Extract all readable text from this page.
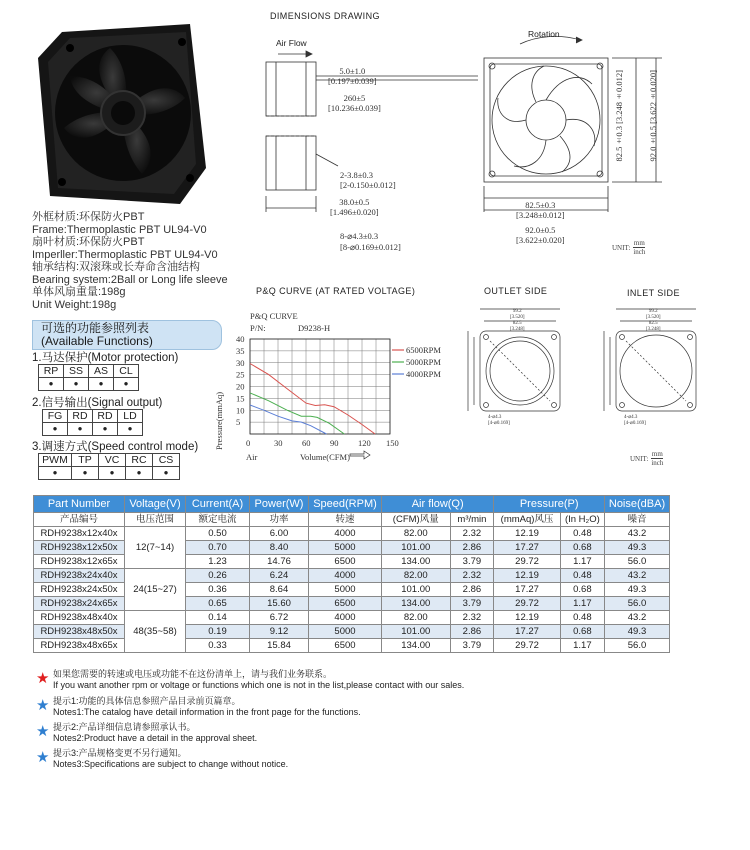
DIMENSIONS DRAWING
Air Flow
5.0±1.0
[0.197±0.039]
260±5
[10.236±0.039]
2-3.8±0.3
[2-0.150±0.012]
38.0±0.5
[1.496±0.020]
8-⌀4.3±0.3
[8-⌀0.169±0.012]
Rotation
82.5±0.3
[3.248±0.012]
92.0±0.5
[3.622±0.020]
82.5±0.3 [3.248±0.012]
92.0±0.5 [3.622±0.020]
UNIT:
mm
inch
外框材质:环保防火PBT
Frame:Thermoplastic PBT UL94-V0
扇叶材质:环保防火PBT
Imperller:Thermoplastic PBT UL94-V0
轴承结构:双滚珠或长寿命含油结构
Bearing system:2Ball or Long life sleeve
单体风扇重量:198g
Unit Weight:198g
可选的功能参照列表
(Available Functions)
1.马达保护(Motor protection)
RP	SS	AS	CL
●	●	●	●
2.信号输出(Signal output)
FG	RD	RD	LD
●	●	●	●
3.调速方式(Speed control mode)
PWM	TP	VC	RC	CS
●	●	●	●	●
P&Q CURVE (AT RATED VOLTAGE)
P&Q CURVE
P/N:	D9238-H
5
10
15
20
25
30
35
40
0	30 60 90 120 150
Pressure(mmAq)
Air	Volume(CFM)
6500RPM
5000RPM
4000RPM
OUTLET SIDE
99.2
[3.520]
82.5
[3.248]
4-⌀4.3
[4-⌀0.169]
INLET SIDE
99.2
[3.520]
82.5
[3.248]
4-⌀4.3
[4-⌀0.169]
UNIT:
mm
inch
Part Number	Voltage(V)	Current(A)	Power(W)	Speed(RPM)	Air flow(Q)		Pressure(P)		Noise(dBA)
产品编号	电压范围	额定电流	功率	转速	(CFM)风量	m³/min	(mmAq)风压	(In H₂O)	噪音
RDH9238x12x40x	12(7~14)	0.50	6.00	4000	82.00	2.32	12.19	0.48	43.2
RDH9238x12x50x		0.70	8.40	5000	101.00	2.86	17.27	0.68	49.3
RDH9238x12x65x		1.23	14.76	6500	134.00	3.79	29.72	1.17	56.0
RDH9238x24x40x	24(15~27)	0.26	6.24	4000	82.00	2.32	12.19	0.48	43.2
RDH9238x24x50x		0.36	8.64	5000	101.00	2.86	17.27	0.68	49.3
RDH9238x24x65x		0.65	15.60	6500	134.00	3.79	29.72	1.17	56.0
RDH9238x48x40x	48(35~58)	0.14	6.72	4000	82.00	2.32	12.19	0.48	43.2
RDH9238x48x50x		0.19	9.12	5000	101.00	2.86	17.27	0.68	49.3
RDH9238x48x65x		0.33	15.84	6500	134.00	3.79	29.72	1.17	56.0
★ 如果您需要的转速或电压或功能不在这份清单上，请与我们业务联系。
If you want another rpm or voltage or functions which one is not in the list,please contact with our sales.
★ 提示1:功能的具体信息参照产品目录前页篇章。
Notes1:The catalog have detail information in the front page for the functions.
★ 提示2:产品详细信息请参照承认书。
Notes2:Product have a detail in the approval sheet.
★ 提示3:产品规格变更不另行通知。
Notes3:Specifications are subject to change without notice.
